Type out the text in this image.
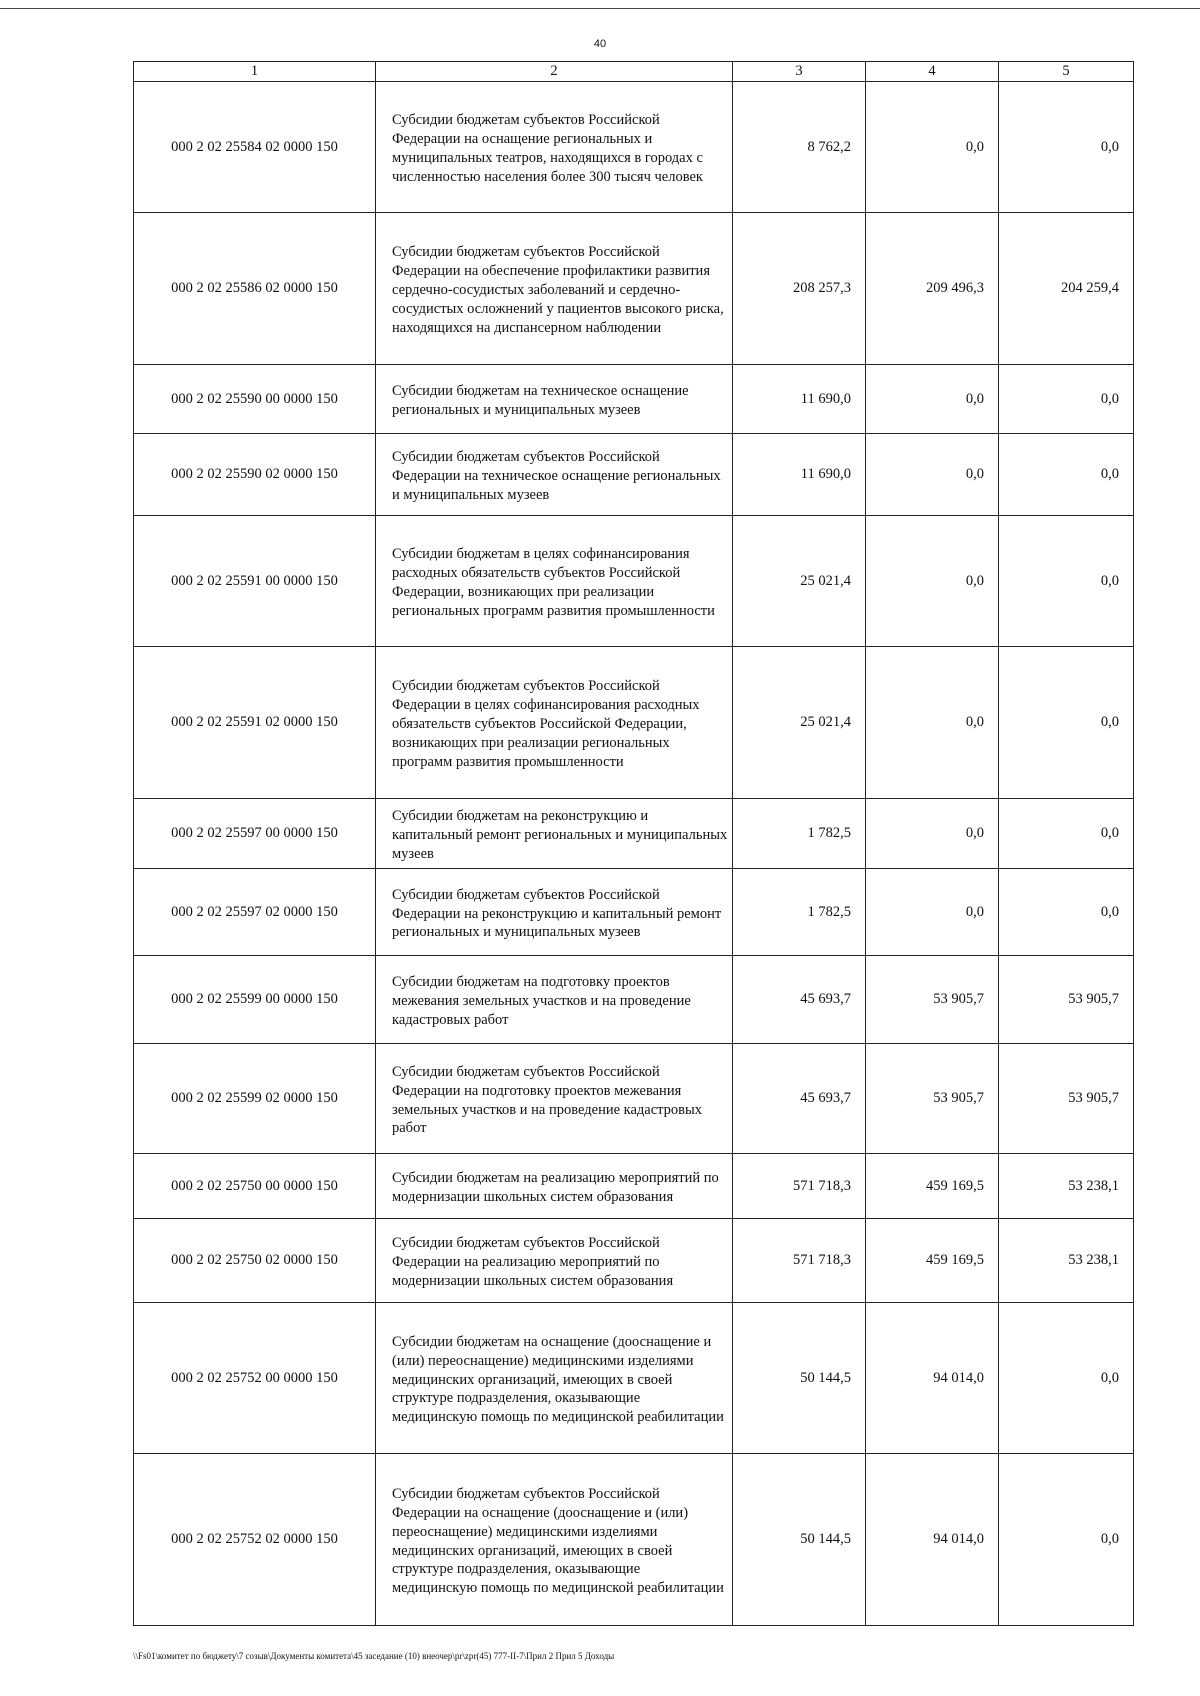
40
1	2	3	4	5
000 2 02 25584 02 0000 150	Субсидии бюджетам субъектов Российской Федерации на оснащение региональных и муниципальных театров, находящихся в городах с численностью населения более 300 тысяч человек	8 762,2	0,0	0,0
000 2 02 25586 02 0000 150	Субсидии бюджетам субъектов Российской Федерации на обеспечение профилактики развития сердечно-сосудистых заболеваний и сердечно-сосудистых осложнений у пациентов высокого риска, находящихся на диспансерном наблюдении	208 257,3	209 496,3	204 259,4
000 2 02 25590 00 0000 150	Субсидии бюджетам на техническое оснащение региональных и муниципальных музеев	11 690,0	0,0	0,0
000 2 02 25590 02 0000 150	Субсидии бюджетам субъектов Российской Федерации на техническое оснащение региональных и муниципальных музеев	11 690,0	0,0	0,0
000 2 02 25591 00 0000 150	Субсидии бюджетам в целях софинансирования расходных обязательств субъектов Российской Федерации, возникающих при реализации региональных программ развития промышленности	25 021,4	0,0	0,0
000 2 02 25591 02 0000 150	Субсидии бюджетам субъектов Российской Федерации в целях софинансирования расходных обязательств субъектов Российской Федерации, возникающих при реализации региональных программ развития промышленности	25 021,4	0,0	0,0
000 2 02 25597 00 0000 150	Субсидии бюджетам на реконструкцию и капитальный ремонт региональных и муниципальных музеев	1 782,5	0,0	0,0
000 2 02 25597 02 0000 150	Субсидии бюджетам субъектов Российской Федерации на реконструкцию и капитальный ремонт региональных и муниципальных музеев	1 782,5	0,0	0,0
000 2 02 25599 00 0000 150	Субсидии бюджетам на подготовку проектов межевания земельных участков и на проведение кадастровых работ	45 693,7	53 905,7	53 905,7
000 2 02 25599 02 0000 150	Субсидии бюджетам субъектов Российской Федерации на подготовку проектов межевания земельных участков и на проведение кадастровых работ	45 693,7	53 905,7	53 905,7
000 2 02 25750 00 0000 150	Субсидии бюджетам на реализацию мероприятий по модернизации школьных систем образования	571 718,3	459 169,5	53 238,1
000 2 02 25750 02 0000 150	Субсидии бюджетам субъектов Российской Федерации на реализацию мероприятий по модернизации школьных систем образования	571 718,3	459 169,5	53 238,1
000 2 02 25752 00 0000 150	Субсидии бюджетам на оснащение (дооснащение и (или) переоснащение) медицинскими изделиями медицинских организаций, имеющих в своей структуре подразделения, оказывающие медицинскую помощь по медицинской реабилитации	50 144,5	94 014,0	0,0
000 2 02 25752 02 0000 150	Субсидии бюджетам субъектов Российской Федерации на оснащение (дооснащение и (или) переоснащение) медицинскими изделиями медицинских организаций, имеющих в своей структуре подразделения, оказывающие медицинскую помощь по медицинской реабилитации	50 144,5	94 014,0	0,0
\\Fs01\комитет по бюджету\7 созыв\Документы комитета\45 заседание (10) внеочер\pr\zpr(45) 777-II-7\Прил 2 Прил 5 Доходы
